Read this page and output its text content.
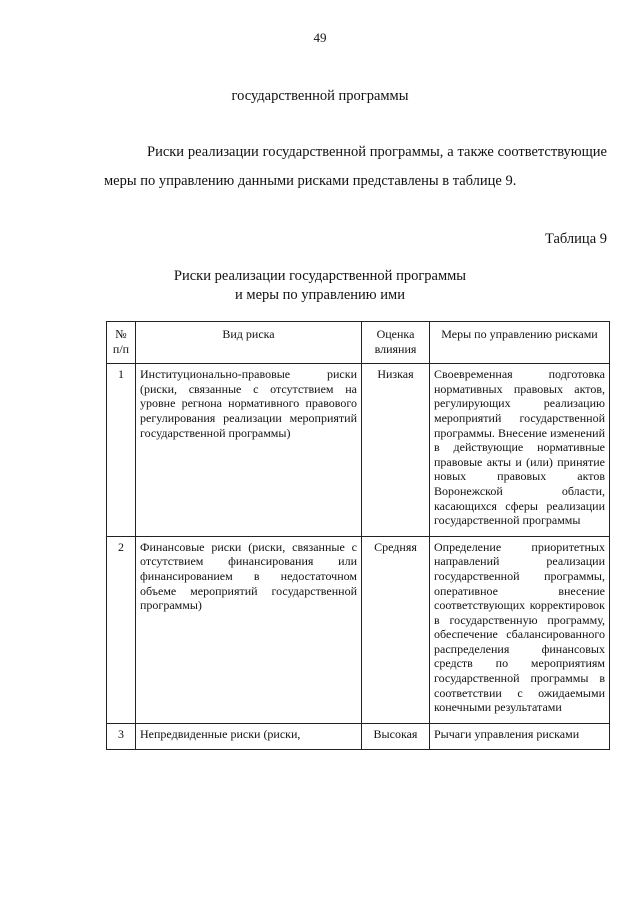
49
государственной программы

Риски реализации государственной программы, а также соответствующие меры по управлению данными рисками представлены в таблице 9.

Таблица 9
Риски реализации государственной программы
и меры по управлению ими
№ п/п	Вид риска	Оценка влияния	Меры по управлению рисками
1	Институционально-правовые риски (риски, связанные с отсутствием на уровне регнона нормативного правового регулирования реализации мероприятий государственной программы)	Низкая	Своевременная подготовка нормативных правовых актов, регулирующих реализацию мероприятий государственной программы. Внесение изменений в действующие нормативные правовые акты и (или) принятие новых правовых актов Воронежской области, касающихся сферы реализации государственной программы
2	Финансовые риски (риски, связанные с отсутствием финансирования или финансированием в недостаточном объеме мероприятий государственной программы)	Средняя	Определение приоритетных направлений реализации государственной программы, оперативное внесение соответствующих корректировок в государственную программу, обеспечение сбалансированного распределения финансовых средств по мероприятиям государственной программы в соответствии с ожидаемыми конечными результатами
3	Непредвиденные риски (риски,	Высокая	Рычаги управления рисками
